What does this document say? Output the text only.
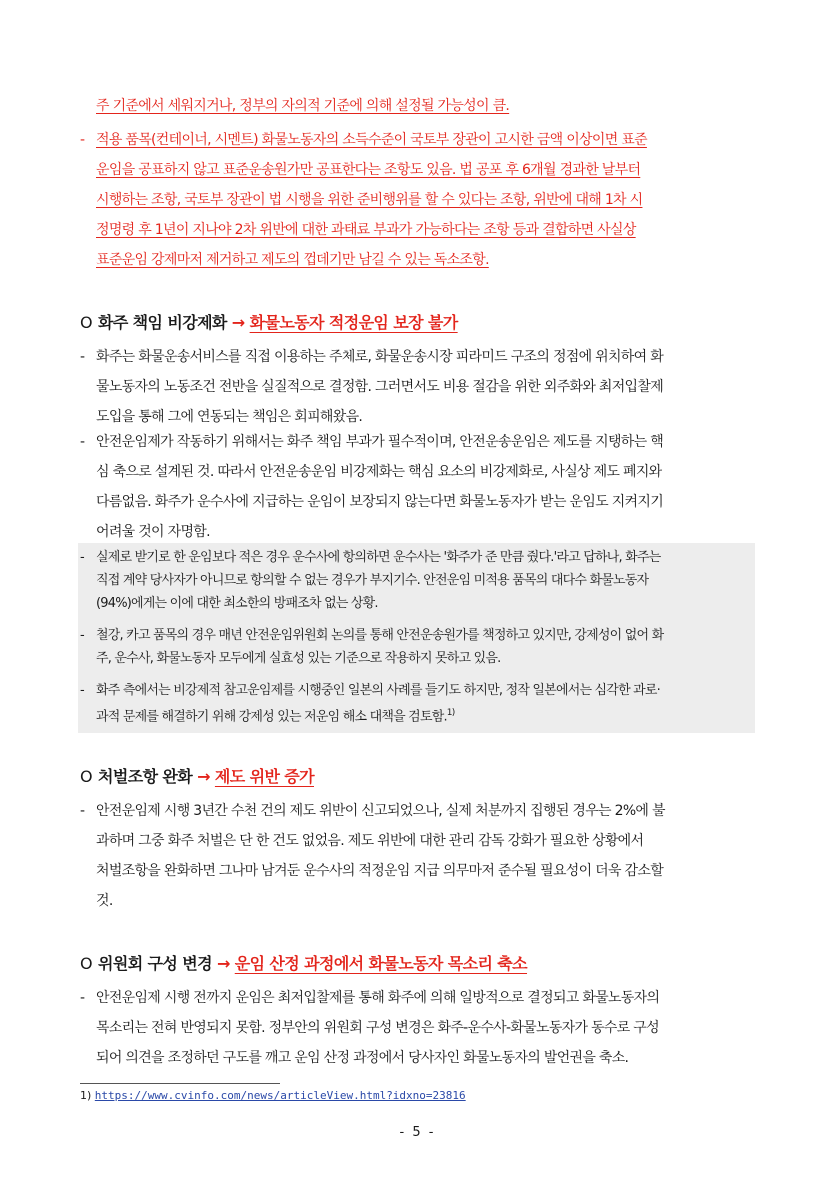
주 기준에서 세워지거나, 정부의 자의적 기준에 의해 설정될 가능성이 큼.
- 적용 품목(컨테이너, 시멘트) 화물노동자의 소득수준이 국토부 장관이 고시한 금액 이상이면 표준
운임을 공표하지 않고 표준운송원가만 공표한다는 조항도 있음. 법 공포 후 6개월 경과한 날부터
시행하는 조항, 국토부 장관이 법 시행을 위한 준비행위를 할 수 있다는 조항, 위반에 대해 1차 시
정명령 후 1년이 지나야 2차 위반에 대한 과태료 부과가 가능하다는 조항 등과 결합하면 사실상
표준운임 강제마저 제거하고 제도의 껍데기만 남길 수 있는 독소조항.
O 화주 책임 비강제화 → 화물노동자 적정운임 보장 불가
- 화주는 화물운송서비스를 직접 이용하는 주체로, 화물운송시장 피라미드 구조의 정점에 위치하여 화
물노동자의 노동조건 전반을 실질적으로 결정함. 그러면서도 비용 절감을 위한 외주화와 최저입찰제
도입을 통해 그에 연동되는 책임은 회피해왔음.
- 안전운임제가 작동하기 위해서는 화주 책임 부과가 필수적이며, 안전운송운임은 제도를 지탱하는 핵
심 축으로 설계된 것. 따라서 안전운송운임 비강제화는 핵심 요소의 비강제화로, 사실상 제도 폐지와
다름없음. 화주가 운수사에 지급하는 운임이 보장되지 않는다면 화물노동자가 받는 운임도 지켜지기
어려울 것이 자명함.
- 실제로 받기로 한 운임보다 적은 경우 운수사에 항의하면 운수사는 '화주가 준 만큼 줬다.'라고 답하나, 화주는
직접 계약 당사자가 아니므로 항의할 수 없는 경우가 부지기수. 안전운임 미적용 품목의 대다수 화물노동자
(94%)에게는 이에 대한 최소한의 방패조차 없는 상황.
- 철강, 카고 품목의 경우 매년 안전운임위원회 논의를 통해 안전운송원가를 책정하고 있지만, 강제성이 없어 화
주, 운수사, 화물노동자 모두에게 실효성 있는 기준으로 작용하지 못하고 있음.
- 화주 측에서는 비강제적 참고운임제를 시행중인 일본의 사례를 들기도 하지만, 정작 일본에서는 심각한 과로·
과적 문제를 해결하기 위해 강제성 있는 저운임 해소 대책을 검토함.$^{1)}$
O 처벌조항 완화 → 제도 위반 증가
- 안전운임제 시행 3년간 수천 건의 제도 위반이 신고되었으나, 실제 처분까지 집행된 경우는 2%에 불
과하며 그중 화주 처벌은 단 한 건도 없었음. 제도 위반에 대한 관리 감독 강화가 필요한 상황에서
처벌조항을 완화하면 그나마 남겨둔 운수사의 적정운임 지급 의무마저 준수될 필요성이 더욱 감소할
것.
O 위원회 구성 변경 → 운임 산정 과정에서 화물노동자 목소리 축소
- 안전운임제 시행 전까지 운임은 최저입찰제를 통해 화주에 의해 일방적으로 결정되고 화물노동자의
목소리는 전혀 반영되지 못함. 정부안의 위원회 구성 변경은 화주-운수사-화물노동자가 동수로 구성
되어 의견을 조정하던 구도를 깨고 운임 산정 과정에서 당사자인 화물노동자의 발언권을 축소.
1) https://www.cvinfo.com/news/articleView.html?idxno=23816
- 5 -
